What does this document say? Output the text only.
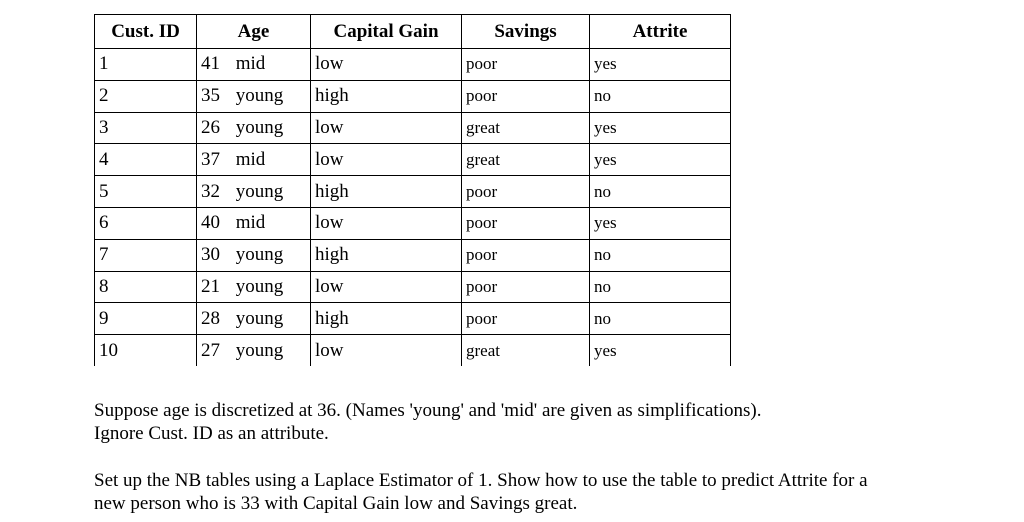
Cust. ID	Age	Capital Gain	Savings	Attrite
1	41 mid	low	poor	yes
2	35 young	high	poor	no
3	26 young	low	great	yes
4	37 mid	low	great	yes
5	32 young	high	poor	no
6	40 mid	low	poor	yes
7	30 young	high	poor	no
8	21 young	low	poor	no
9	28 young	high	poor	no
10	27 young	low	great	yes

Suppose age is discretized at 36. (Names 'young' and 'mid' are given as simplifications).
Ignore Cust. ID as an attribute.

Set up the NB tables using a Laplace Estimator of 1. Show how to use the table to predict Attrite for a
new person who is 33 with Capital Gain low and Savings great.
